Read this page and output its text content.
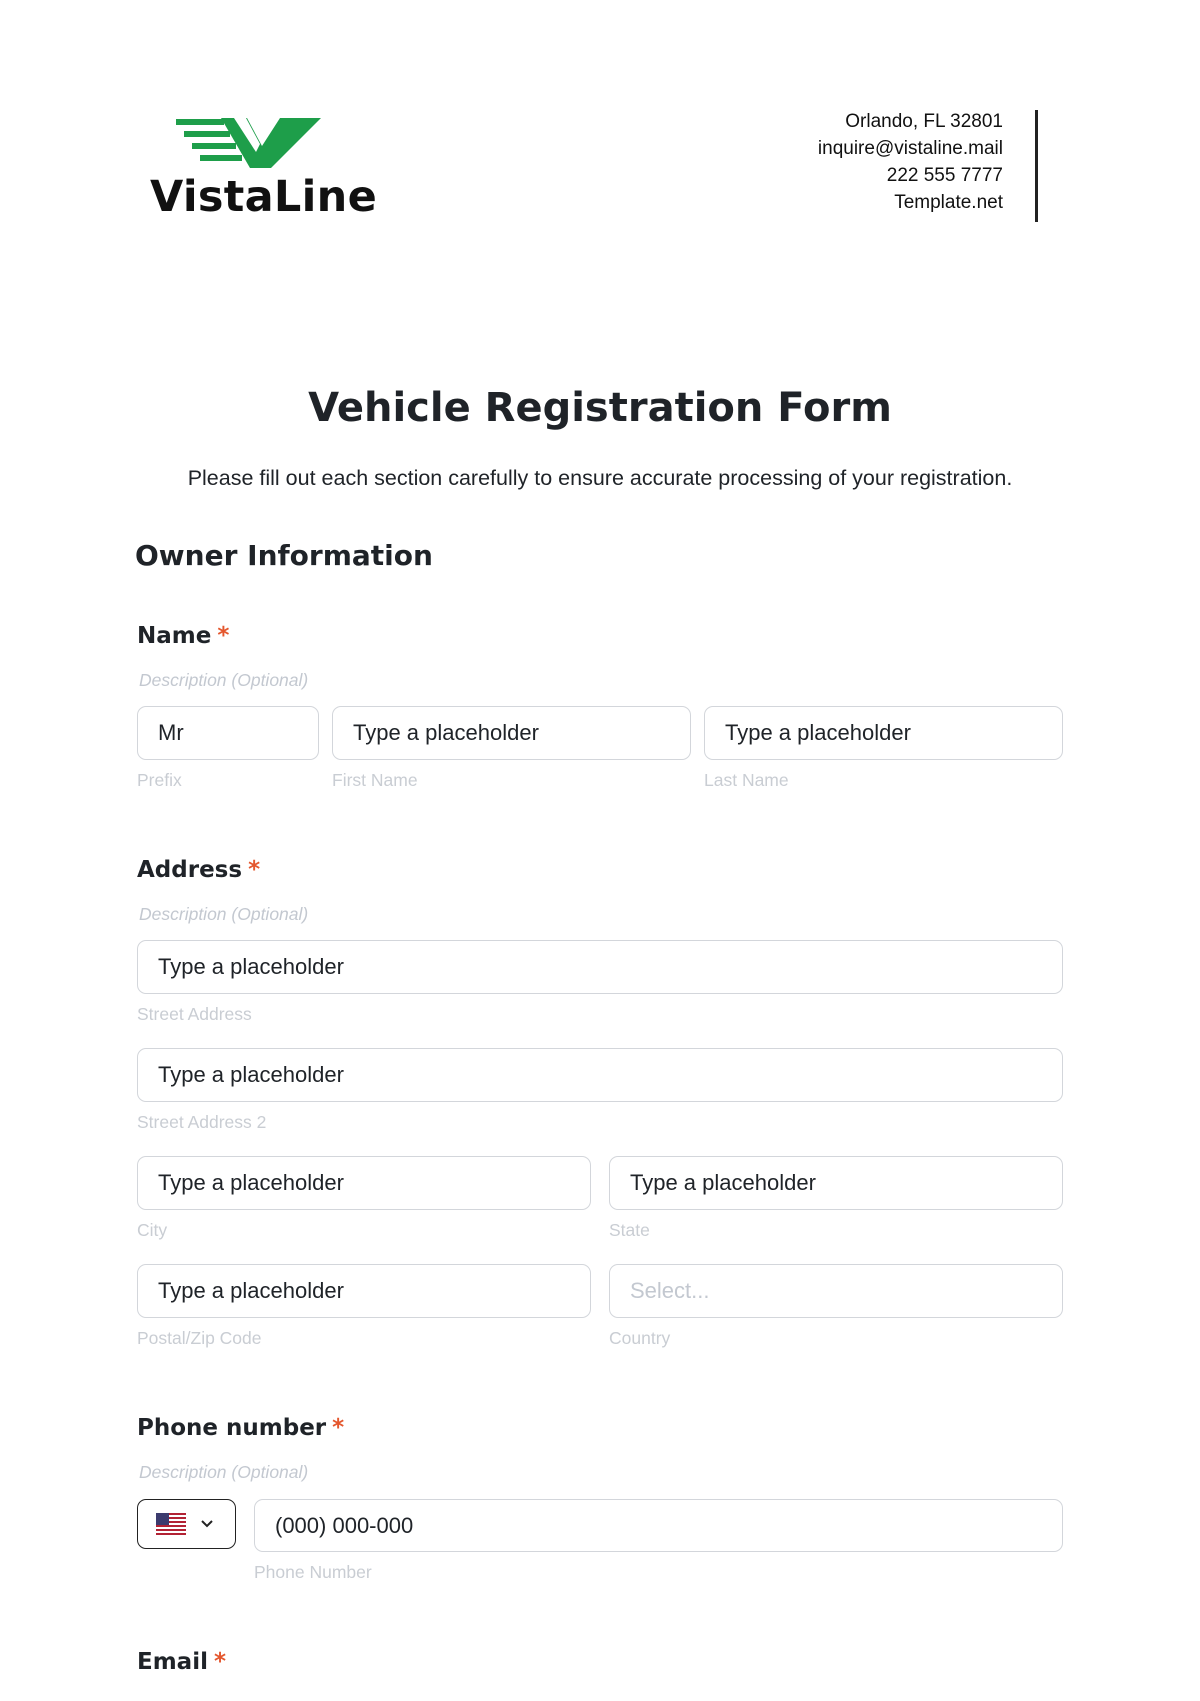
VistaLine
Orlando, FL 32801
inquire@vistaline.mail
222 555 7777
Template.net
Vehicle Registration Form
Please fill out each section carefully to ensure accurate processing of your registration.
Owner Information
Name *
Description (Optional)
Mr
Prefix
Type a placeholder
First Name
Type a placeholder
Last Name
Address *
Description (Optional)
Type a placeholder
Street Address
Type a placeholder
Street Address 2
Type a placeholder
City
Type a placeholder
State
Type a placeholder
Postal/Zip Code
Select...
Country
Phone number *
Description (Optional)
(000) 000-000
Phone Number
Email *
